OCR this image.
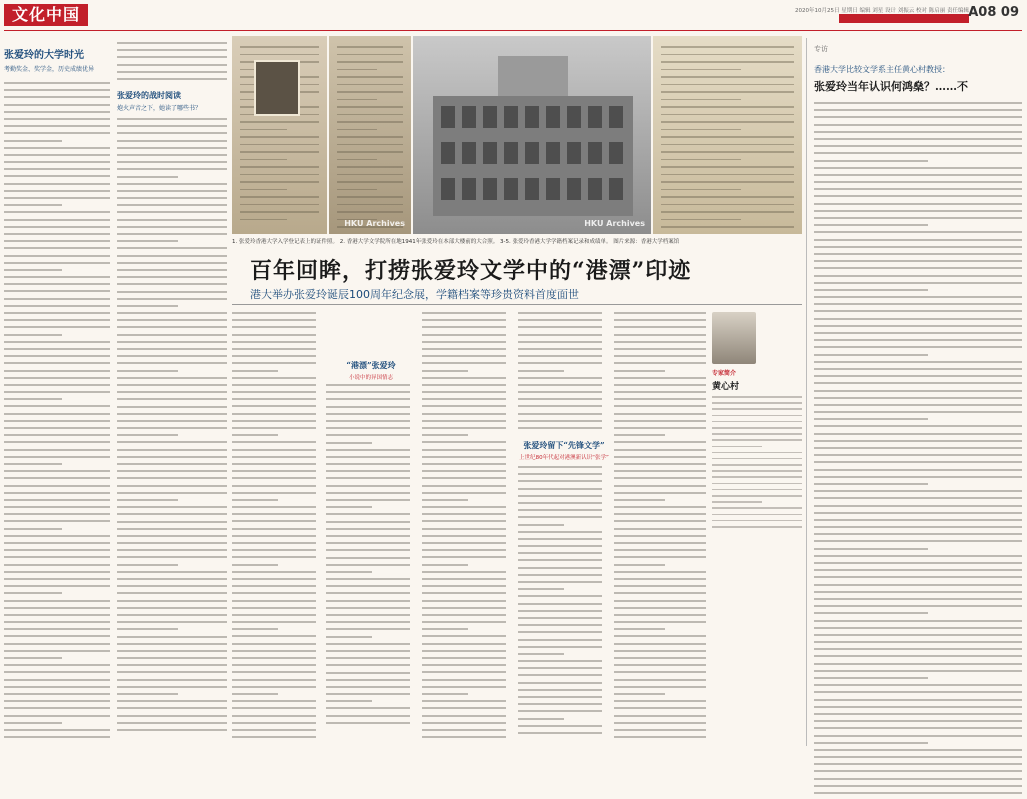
文化中国	2020年10月25日 星期日 编辑 刘星 设计 刘振云 校对 陈启丽 责任编辑 A08 09
张爱玲的大学时光
考勤奖金、奖学金，历史成绩优异
张爱玲的战时阅读
炮火声音之下，她读了哪些书？
HKU Archives	HKU Archives
1. 张爱玲香港大学入学登记表上的证件照。 2. 香港大学文学院所在地1941年张爱玲在本部大楼前的大合照。 3-5. 张爱玲香港大学学籍档案记录和成绩单。 图片来源：香港大学档案馆
百年回眸，打捞张爱玲文学中的“港漂”印迹
港大举办张爱玲诞辰100周年纪念展，学籍档案等珍贵资料首度面世
“港漂”张爱玲
小说中的异国情志
张爱玲留下“先锋文学”
上世纪80年代起对港澳新认识“张学”
专家简介
黄心村
专访
香港大学比较文学系主任黄心村教授：
张爱玲当年认识何鸿燊？……不
